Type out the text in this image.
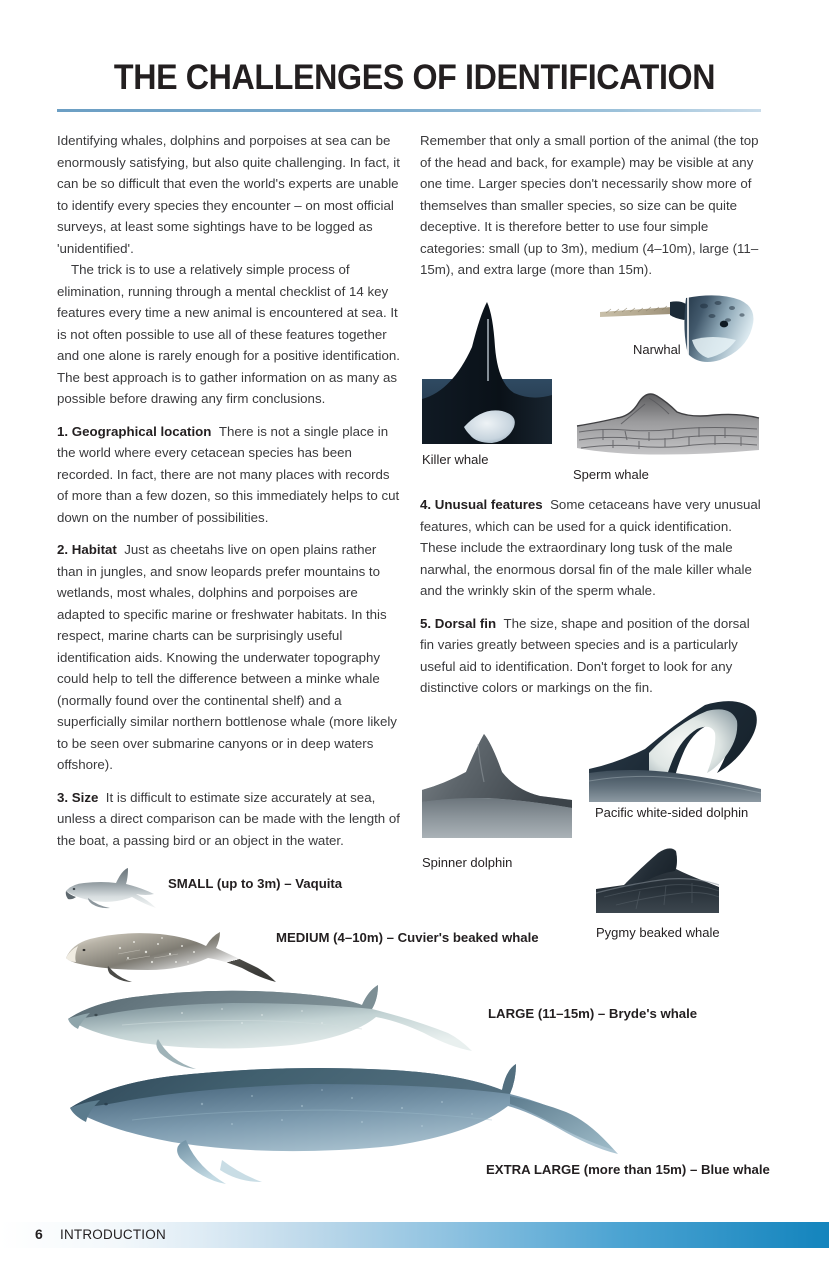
THE CHALLENGES OF IDENTIFICATION

Identifying whales, dolphins and porpoises at sea can be enormously satisfying, but also quite challenging. In fact, it can be so difficult that even the world's experts are unable to identify every species they encounter – on most official surveys, at least some sightings have to be logged as 'unidentified'.

The trick is to use a relatively simple process of elimination, running through a mental checklist of 14 key features every time a new animal is encountered at sea. It is not often possible to use all of these features together and one alone is rarely enough for a positive identification. The best approach is to gather information on as many as possible before drawing any firm conclusions.

1. Geographical location There is not a single place in the world where every cetacean species has been recorded. In fact, there are not many places with records of more than a few dozen, so this immediately helps to cut down on the number of possibilities.

2. Habitat Just as cheetahs live on open plains rather than in jungles, and snow leopards prefer mountains to wetlands, most whales, dolphins and porpoises are adapted to specific marine or freshwater habitats. In this respect, marine charts can be surprisingly useful identification aids. Knowing the underwater topography could help to tell the difference between a minke whale (normally found over the continental shelf) and a superficially similar northern bottlenose whale (more likely to be seen over submarine canyons or in deep waters offshore).

3. Size It is difficult to estimate size accurately at sea, unless a direct comparison can be made with the length of the boat, a passing bird or an object in the water.

Remember that only a small portion of the animal (the top of the head and back, for example) may be visible at any one time. Larger species don't necessarily show more of themselves than smaller species, so size can be quite deceptive. It is therefore better to use four simple categories: small (up to 3m), medium (4–10m), large (11–15m), and extra large (more than 15m).

Killer whale
Narwhal
Sperm whale

4. Unusual features Some cetaceans have very unusual features, which can be used for a quick identification. These include the extraordinary long tusk of the male narwhal, the enormous dorsal fin of the male killer whale and the wrinkly skin of the sperm whale.

5. Dorsal fin The size, shape and position of the dorsal fin varies greatly between species and is a particularly useful aid to identification. Don't forget to look for any distinctive colors or markings on the fin.

Spinner dolphin
Pacific white-sided dolphin
Pygmy beaked whale
SMALL (up to 3m) – Vaquita
MEDIUM (4–10m) – Cuvier's beaked whale
LARGE (11–15m) – Bryde's whale
EXTRA LARGE (more than 15m) – Blue whale
6 INTRODUCTION
